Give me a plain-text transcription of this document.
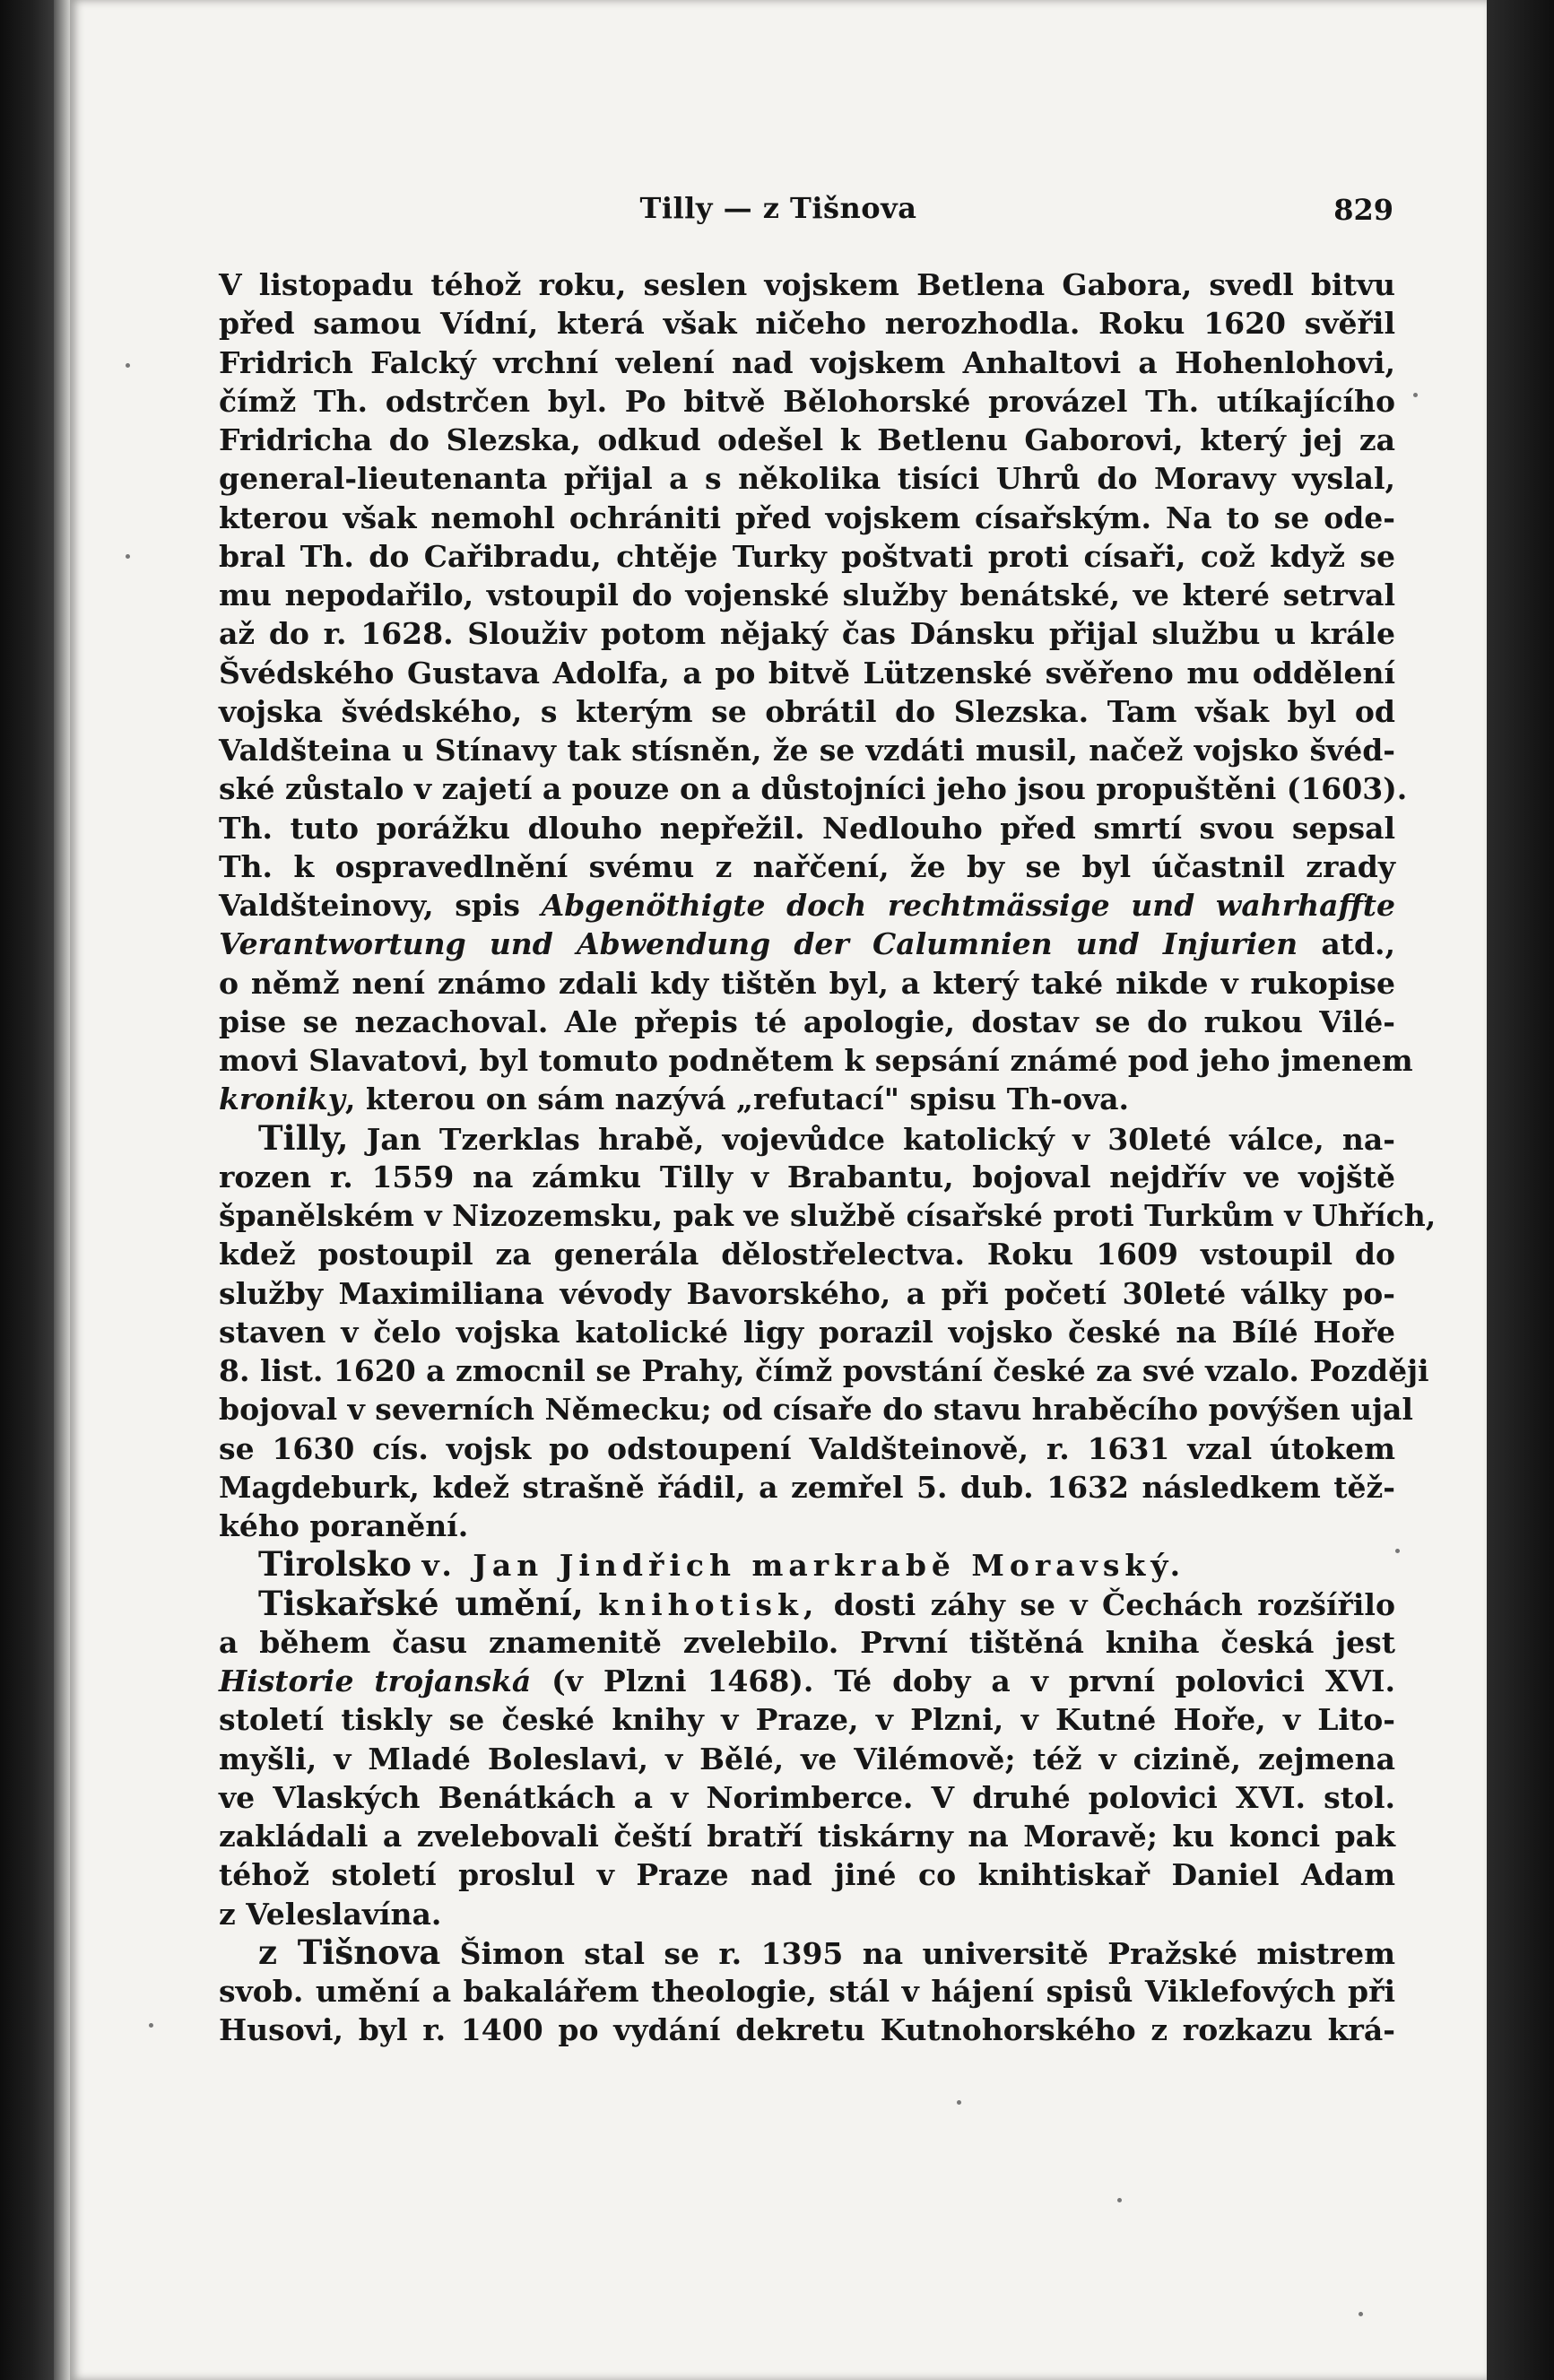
Tilly — z Tišnova	829
V listopadu téhož roku, seslen vojskem Betlena Gabora, svedl bitvu
před samou Vídní, která však ničeho nerozhodla. Roku 1620 svěřil
Fridrich Falcký vrchní velení nad vojskem Anhaltovi a Hohenlohovi,
čímž Th. odstrčen byl. Po bitvě Bělohorské provázel Th. utíkajícího
Fridricha do Slezska, odkud odešel k Betlenu Gaborovi, který jej za
general-lieutenanta přijal a s několika tisíci Uhrů do Moravy vyslal,
kterou však nemohl ochrániti před vojskem císařským. Na to se ode-
bral Th. do Cařibradu, chtěje Turky poštvati proti císaři, což když se
mu nepodařilo, vstoupil do vojenské služby benátské, ve které setrval
až do r. 1628. Slouživ potom nějaký čas Dánsku přijal službu u krále
Švédského Gustava Adolfa, a po bitvě Lützenské svěřeno mu oddělení
vojska švédského, s kterým se obrátil do Slezska. Tam však byl od
Valdšteina u Stínavy tak stísněn, že se vzdáti musil, načež vojsko švéd-
ské zůstalo v zajetí a pouze on a důstojníci jeho jsou propuštěni (1603).
Th. tuto porážku dlouho nepřežil. Nedlouho před smrtí svou sepsal
Th. k ospravedlnění svému z nařčení, že by se byl účastnil zrady
Valdšteinovy, spis Abgenöthigte doch rechtmässige und wahrhaffte
Verantwortung und Abwendung der Calumnien und Injurien atd.,
o němž není známo zdali kdy tištěn byl, a který také nikde v rukopise
pise se nezachoval. Ale přepis té apologie, dostav se do rukou Vilé-
movi Slavatovi, byl tomuto podnětem k sepsání známé pod jeho jmenem
kroniky, kterou on sám nazývá „refutací" spisu Th-ova.
Tilly, Jan Tzerklas hrabě, vojevůdce katolický v 30leté válce, na-
rozen r. 1559 na zámku Tilly v Brabantu, bojoval nejdřív ve vojště
španělském v Nizozemsku, pak ve službě císařské proti Turkům v Uhřích,
kdež postoupil za generála dělostřelectva. Roku 1609 vstoupil do
služby Maximiliana vévody Bavorského, a při početí 30leté války po-
staven v čelo vojska katolické ligy porazil vojsko české na Bílé Hoře
8. list. 1620 a zmocnil se Prahy, čímž povstání české za své vzalo. Později
bojoval v severních Německu; od císaře do stavu hraběcího povýšen ujal
se 1630 cís. vojsk po odstoupení Valdšteinově, r. 1631 vzal útokem
Magdeburk, kdež strašně řádil, a zemřel 5. dub. 1632 následkem těž-
kého poranění.
Tirolsko v. Jan Jindřich markrabě Moravský.
Tiskařské umění, knihotisk, dosti záhy se v Čechách rozšířilo
a během času znamenitě zvelebilo. První tištěná kniha česká jest
Historie trojanská (v Plzni 1468). Té doby a v první polovici XVI.
století tiskly se české knihy v Praze, v Plzni, v Kutné Hoře, v Lito-
myšli, v Mladé Boleslavi, v Bělé, ve Vilémově; též v cizině, zejmena
ve Vlaských Benátkách a v Norimberce. V druhé polovici XVI. stol.
zakládali a zvelebovali čeští bratří tiskárny na Moravě; ku konci pak
téhož století proslul v Praze nad jiné co knihtiskař Daniel Adam
z Veleslavína.
z Tišnova Šimon stal se r. 1395 na universitě Pražské mistrem
svob. umění a bakalářem theologie, stál v hájení spisů Viklefových při
Husovi, byl r. 1400 po vydání dekretu Kutnohorského z rozkazu krá-
